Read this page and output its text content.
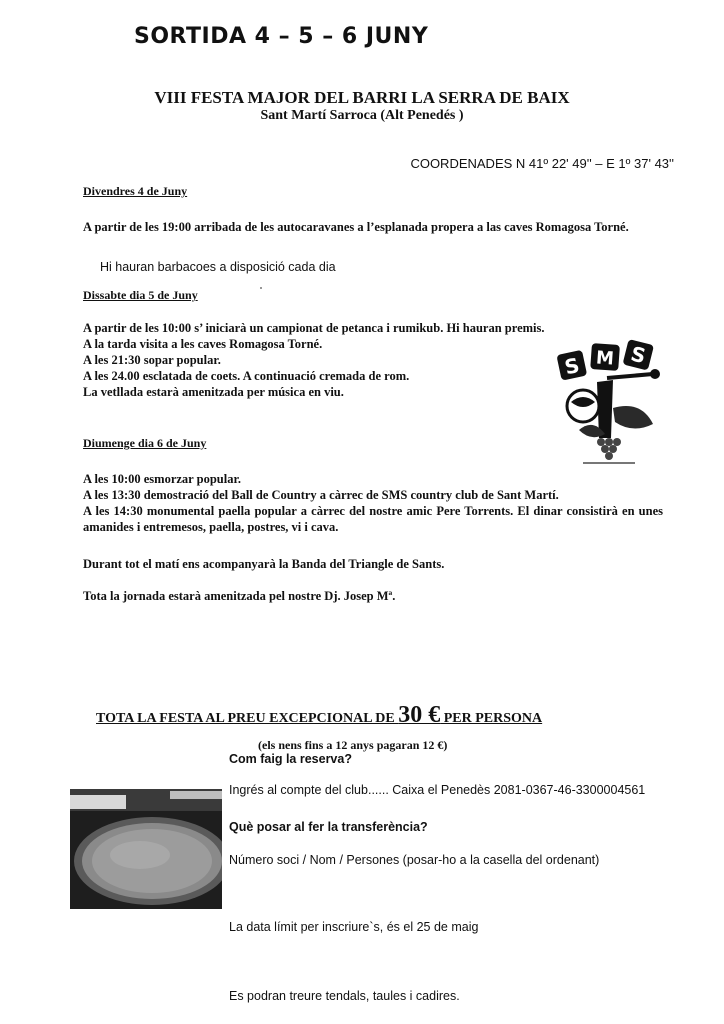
SORTIDA 4 – 5 – 6 JUNY
VIII FESTA MAJOR DEL BARRI LA SERRA DE BAIX
Sant Martí Sarroca (Alt Penedés )
COORDENADES N 41º 22' 49'' – E 1º 37' 43''
Divendres 4 de Juny
A partir de les 19:00 arribada de les autocaravanes a l’esplanada propera a las caves Romagosa Torné.
Hi hauran barbacoes a disposició cada dia
Dissabte dia 5 de Juny
A partir de les 10:00 s’ iniciarà un campionat de petanca i rumikub. Hi hauran premis.
A la tarda visita a les caves Romagosa Torné.
A les 21:30 sopar popular.
A les 24.00 esclatada de coets. A continuació cremada de rom.
La vetllada estarà amenitzada per música en viu.
S M S
Diumenge dia 6 de Juny
A les 10:00 esmorzar popular.
A les 13:30 demostració del Ball de Country a càrrec de SMS country club de Sant Martí.
A les 14:30 monumental paella popular a càrrec del nostre amic Pere Torrents. El dinar consistirà en unes amanides i entremesos, paella, postres, vi i cava.
Durant tot el matí ens acompanyarà la Banda del Triangle de Sants.
Tota la jornada estarà amenitzada pel nostre Dj. Josep Mª.
TOTA LA FESTA AL PREU EXCEPCIONAL DE 30 € PER PERSONA
(els nens fins a 12 anys pagaran 12 €)
Com faig la reserva?
Ingrés al compte del club...... Caixa el Penedès 2081-0367-46-3300004561
Què posar al fer la transferència?
Número soci / Nom / Persones (posar-ho a la casella del ordenant)
La data límit per inscriure`s, és el 25 de maig
Es podran treure tendals, taules i cadires.
